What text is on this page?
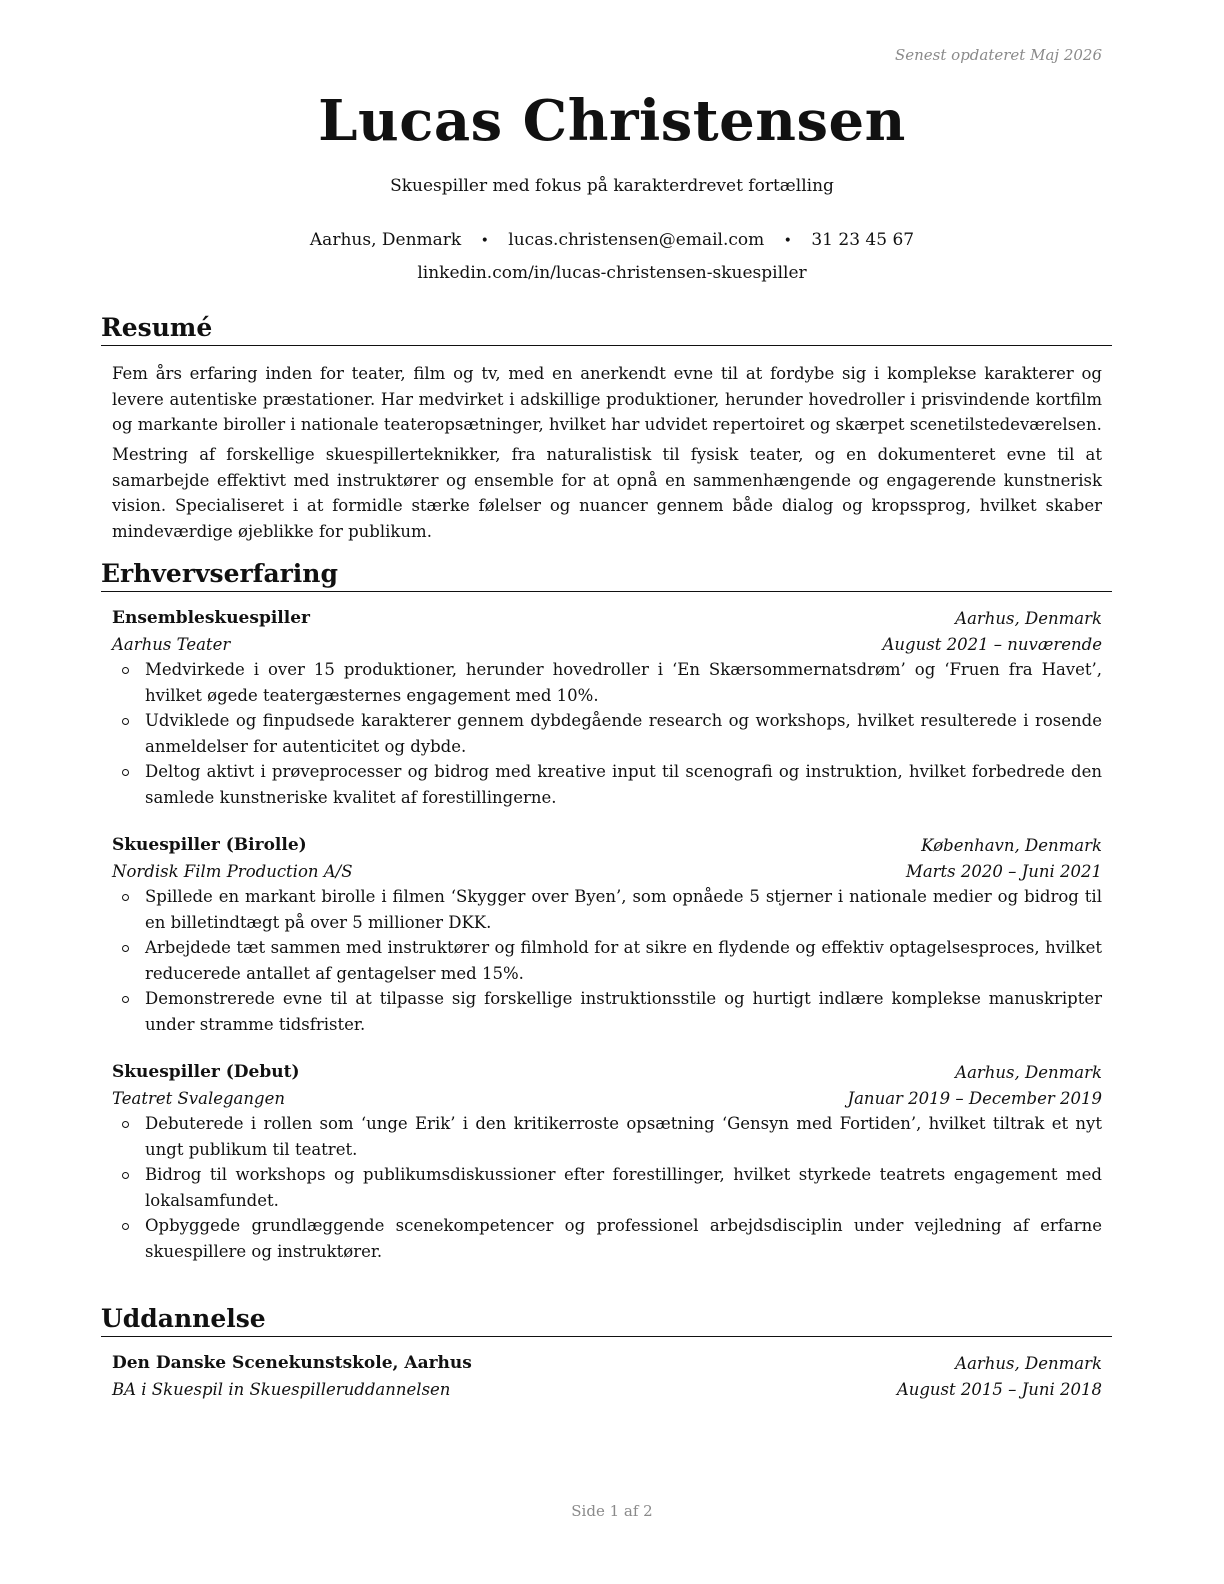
Senest opdateret Maj 2026
Lucas Christensen
Skuespiller med fokus på karakterdrevet fortælling
Aarhus, Denmark • lucas.christensen@email.com • 31 23 45 67
linkedin.com/in/lucas-christensen-skuespiller
Resumé

Fem års erfaring inden for teater, film og tv, med en anerkendt evne til at fordybe sig i komplekse karakterer og levere autentiske præstationer. Har medvirket i adskillige produktioner, herunder hovedroller i prisvindende kortfilm og markante biroller i nationale teateropsætninger, hvilket har udvidet repertoiret og skærpet scenetilstedeværelsen.

Mestring af forskellige skuespillerteknikker, fra naturalistisk til fysisk teater, og en dokumenteret evne til at samarbejde effektivt med instruktører og ensemble for at opnå en sammenhængende og engagerende kunstnerisk vision. Specialiseret i at formidle stærke følelser og nuancer gennem både dialog og kropssprog, hvilket skaber mindeværdige øjeblikke for publikum.

Erhvervserfaring
Ensembleskuespiller	Aarhus, Denmark
Aarhus Teater	August 2021 – nuværende
Medvirkede i over 15 produktioner, herunder hovedroller i ‘En Skærsommernatsdrøm’ og ‘Fruen fra Havet’, hvilket øgede teatergæsternes engagement med 10%.
Udviklede og finpudsede karakterer gennem dybdegående research og workshops, hvilket resulterede i rosende anmeldelser for autenticitet og dybde.
Deltog aktivt i prøveprocesser og bidrog med kreative input til scenografi og instruktion, hvilket forbedrede den samlede kunstneriske kvalitet af forestillingerne.
Skuespiller (Birolle)	København, Denmark
Nordisk Film Production A/S	Marts 2020 – Juni 2021
Spillede en markant birolle i filmen ‘Skygger over Byen’, som opnåede 5 stjerner i nationale medier og bidrog til en billetindtægt på over 5 millioner DKK.
Arbejdede tæt sammen med instruktører og filmhold for at sikre en flydende og effektiv optagelsesproces, hvilket reducerede antallet af gentagelser med 15%.
Demonstrerede evne til at tilpasse sig forskellige instruktionsstile og hurtigt indlære komplekse manuskripter under stramme tidsfrister.
Skuespiller (Debut)	Aarhus, Denmark
Teatret Svalegangen	Januar 2019 – December 2019
Debuterede i rollen som ‘unge Erik’ i den kritikerroste opsætning ‘Gensyn med Fortiden’, hvilket tiltrak et nyt ungt publikum til teatret.
Bidrog til workshops og publikumsdiskussioner efter forestillinger, hvilket styrkede teatrets engagement med lokalsamfundet.
Opbyggede grundlæggende scenekompetencer og professionel arbejdsdisciplin under vejledning af erfarne skuespillere og instruktører.
Uddannelse
Den Danske Scenekunstskole, Aarhus	Aarhus, Denmark
BA i Skuespil in Skuespilleruddannelsen	August 2015 – Juni 2018
Side 1 af 2
